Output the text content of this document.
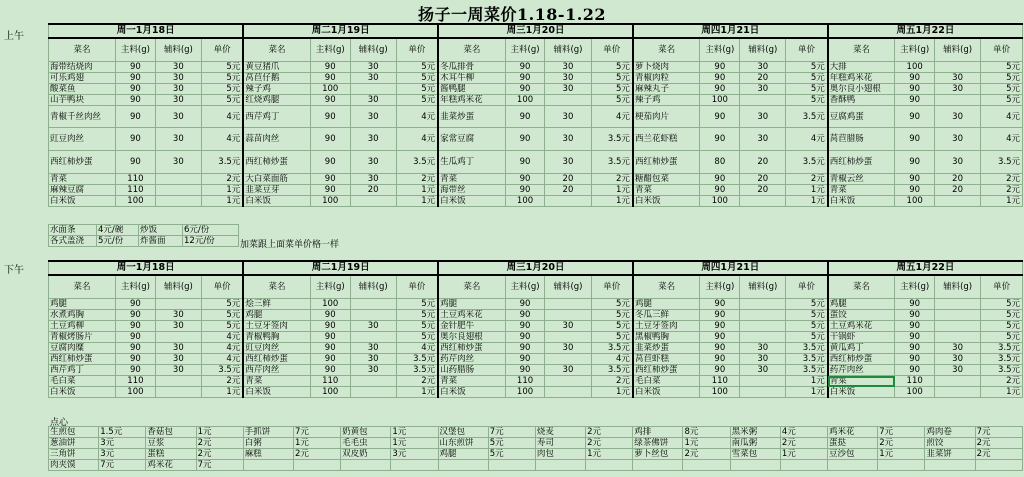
扬子一周菜价1.18-1.22
上午
下午
周一1月18日				周二1月19日				周三1月20日				周四1月21日				周五1月22日			
菜名	主料(g)	辅料(g)	单价	菜名	主料(g)	辅料(g)	单价	菜名	主料(g)	辅料(g)	单价	菜名	主料(g)	辅料(g)	单价	菜名	主料(g)	辅料(g)	单价
海带结烧肉	90	30	5元	黄豆猪爪	90	30	5元	冬瓜排骨	90	30	5元	萝卜烧肉	90	30	5元	大排	100		5元
可乐鸡翅	90	30	5元	莴苣仔鹅	90	30	5元	木耳牛柳	90	30	5元	青椒肉粒	90	20	5元	年糕鸡米花	90	30	5元
酸菜鱼	90	30	5元	辣子鸡	100		5元	酱鸭腿	90	30	5元	麻辣丸子	90	30	5元	奥尔良小翅根	90	30	5元
山芋鸭块	90	30	5元	红烧鸡腿	90	30	5元	年糕鸡米花	100		5元	辣子鸡	100		5元	香酥鸭	90		5元
青椒千丝肉丝	90	30	4元	西芹鸡丁	90	30	4元	韭菜炒蛋	90	30	4元	梗茄肉片	90	30	3.5元	豆腐鸡蛋	90	30	4元
豇豆肉丝	90	30	4元	蒜苗肉丝	90	30	4元	家常豆腐	90	30	3.5元	西兰花虾糕	90	30	4元	莴苣腊肠	90	30	4元
西红柿炒蛋	90	30	3.5元	西红柿炒蛋	90	30	3.5元	生瓜鸡丁	90	30	3.5元	西红柿炒蛋	80	20	3.5元	西红柿炒蛋	90	30	3.5元
青菜	110		2元	大白菜面筋	90	30	2元	青菜	90	20	2元	糖醋包菜	90	20	2元	青椒云丝	90	20	2元
麻辣豆腐	110		1元	韭菜豆芽	90	20	1元	海带丝	90	20	1元	青菜	90	20	1元	青菜	90	20	2元
白米饭	100		1元	白米饭	100		1元	白米饭	100		1元	白米饭	100		1元	白米饭	100		1元
水面条	4元/碗	炒饭	6元/份
各式盖浇	5元/份	炸酱面	12元/份	加菜跟上面菜单价格一样
周一1月18日				周二1月19日				周三1月20日				周四1月21日				周五1月22日			
菜名	主料(g)	辅料(g)	单价	菜名	主料(g)	辅料(g)	单价	菜名	主料(g)	辅料(g)	单价	菜名	主料(g)	辅料(g)	单价	菜名	主料(g)	辅料(g)	单价
鸡腿	90		5元	烩三鲜	100		5元	鸡腿	90		5元	鸡腿	90		5元	鸡腿	90		5元
水煮鸡胸	90	30	5元	鸡腿	90		5元	土豆鸡米花	90		5元	冬瓜三鲜	90		5元	蛋饺	90		5元
土豆鸡柳	90	30	5元	土豆牙签肉	90	30	5元	金针肥牛	90	30	5元	土豆牙签肉	90		5元	土豆鸡米花	90		5元
青椒烤肠片	90		4元	青椒鸭胸	90		5元	奥尔良翅根	90		5元	黑椒鸭胸	90		5元	干锅虾	90		5元
豆腐肉糜	90	30	4元	豇豆肉丝	90	30	4元	西红柿炒蛋	90	30	3.5元	韭菜炒蛋	90	30	3.5元	黄瓜鸡丁	90	30	3.5元
西红柿炒蛋	90	30	4元	西红柿炒蛋	90	30	3.5元	药芹肉丝	90		4元	莴苣虾糕	90	30	3.5元	西红柿炒蛋	90	30	3.5元
西芹鸡丁	90	30	3.5元	西芹肉丝	90	30	3.5元	山药腊肠	90	30	3.5元	西红柿炒蛋	90	30	3.5元	药芹肉丝	90	30	3.5元
毛白菜	110		2元	青菜	110		2元	青菜	110		2元	毛白菜	110		1元	青菜	110		2元
白米饭	100		1元	白米饭	100		1元	白米饭	100		1元	白米饭	100		1元	白米饭	100		1元
点心
生煎包	1.5元	香菇包	1元	手抓饼	7元	奶黄包	1元	汉堡包	7元	烧麦	2元	鸡排	8元	黑米粥	4元	鸡米花	7元	鸡肉卷	7元
葱油饼	3元	豆浆	2元	白粥	1元	毛毛虫	1元	山东煎饼	5元	寿司	2元	绿茶佛饼	1元	南瓜粥	2元	蛋挞	2元	煎饺	2元
三角饼	3元	蛋糕	2元	麻糕	2元	双皮奶	3元	鸡腿	5元	肉包	1元	萝卜丝包	2元	雪菜包	1元	豆沙包	1元	韭菜饼	2元
肉夹馍	7元	鸡米花	7元																
